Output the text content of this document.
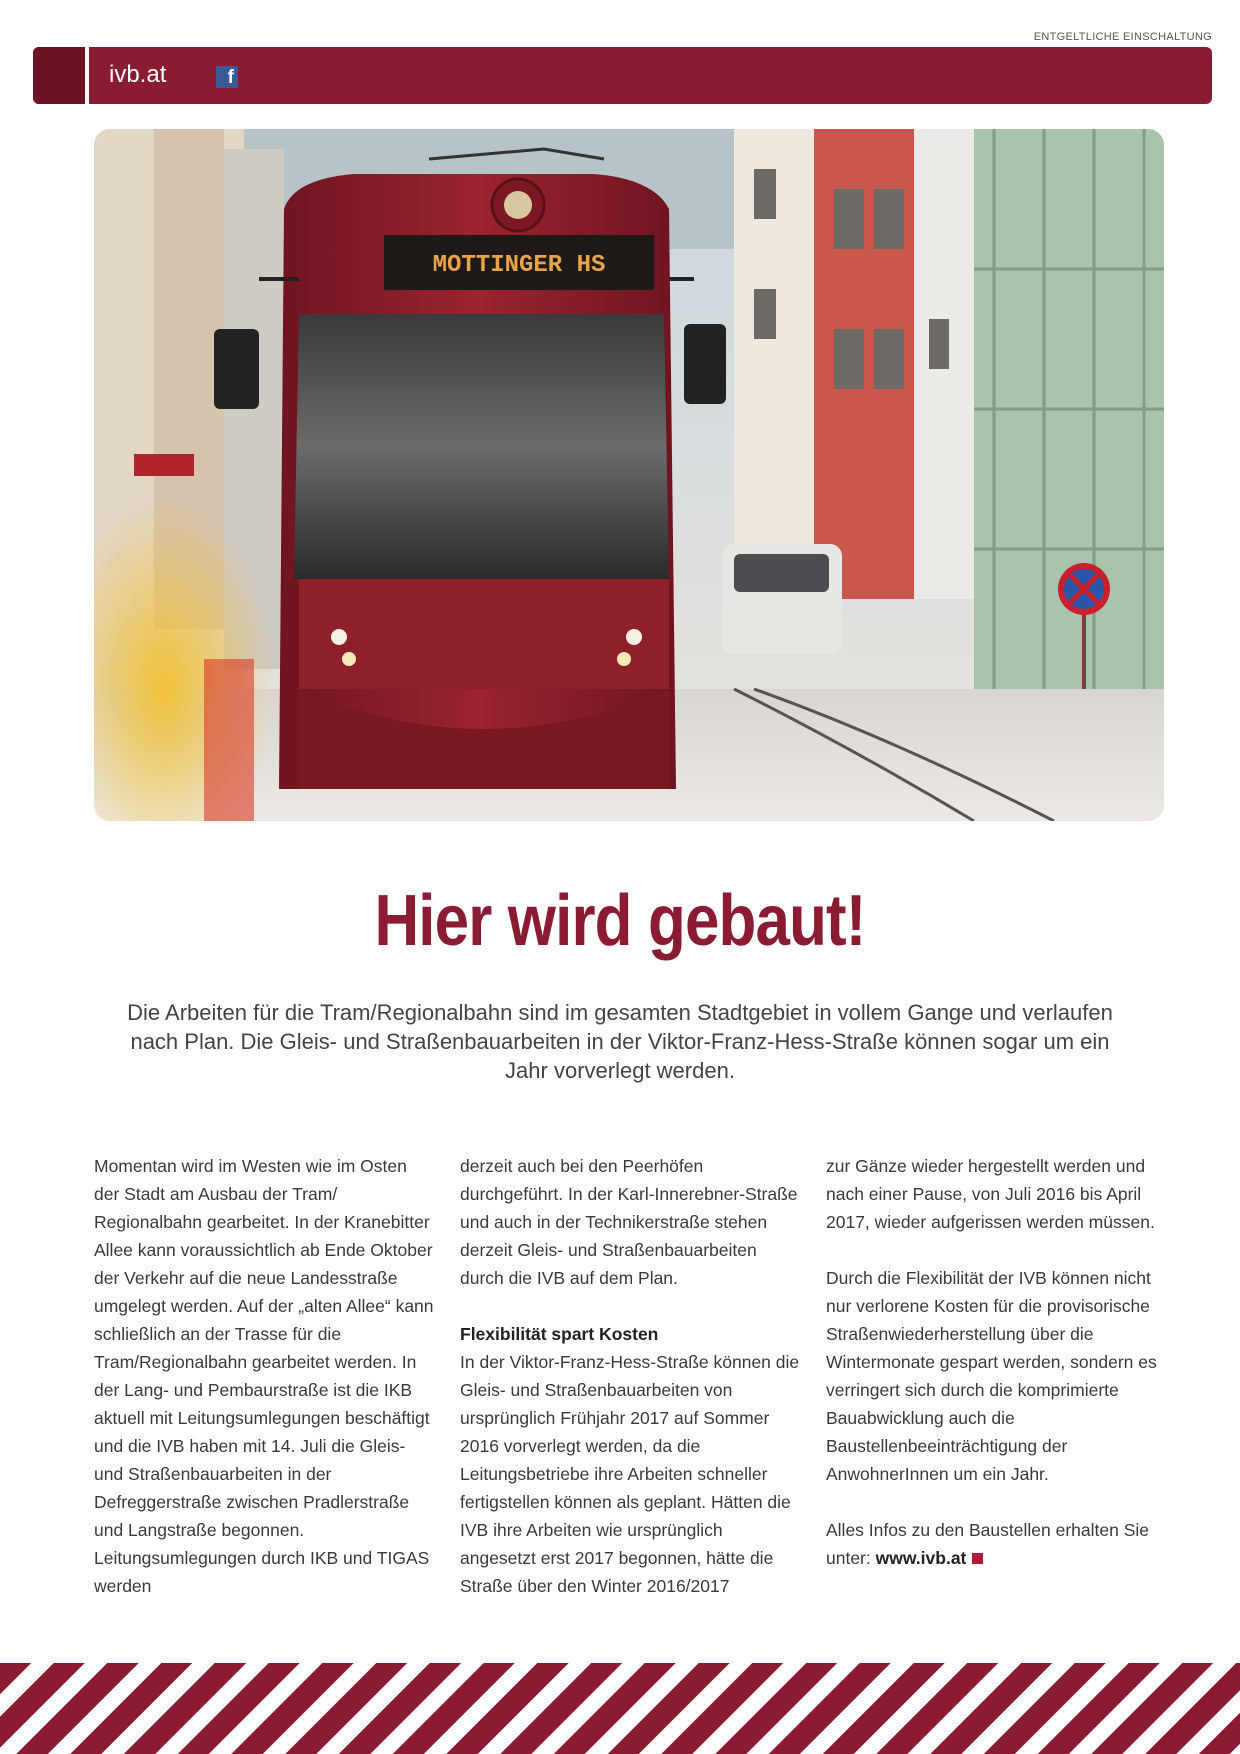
ENTGELTLICHE EINSCHALTUNG
ivb.at	f
MOTTINGER HS
Hier wird gebaut!

Die Arbeiten für die Tram/Regionalbahn sind im gesamten Stadtgebiet in vollem Gange und verlaufen nach Plan. Die Gleis- und Straßenbauarbeiten in der Viktor-Franz-Hess-Straße können sogar um ein Jahr vorverlegt werden.

Momentan wird im Westen wie im Osten der Stadt am Ausbau der Tram/ Regionalbahn gearbeitet. In der Kranebitter Allee kann voraussichtlich ab Ende Oktober der Verkehr auf die neue Landesstraße umgelegt werden. Auf der „alten Allee“ kann schließlich an der Trasse für die Tram/Regionalbahn gearbeitet werden. In der Lang- und Pembaurstraße ist die IKB aktuell mit Leitungsumlegungen beschäftigt und die IVB haben mit 14. Juli die Gleis- und Straßenbauarbeiten in der Defreggerstraße zwischen Pradlerstraße und Langstraße begonnen. Leitungsumlegungen durch IKB und TIGAS werden

derzeit auch bei den Peerhöfen durchgeführt. In der Karl-Innerebner-Straße und auch in der Technikerstraße stehen derzeit Gleis- und Straßenbauarbeiten durch die IVB auf dem Plan.

Flexibilität spart Kosten

In der Viktor-Franz-Hess-Straße können die Gleis- und Straßenbauarbeiten von ursprünglich Frühjahr 2017 auf Sommer 2016 vorverlegt werden, da die Leitungsbetriebe ihre Arbeiten schneller fertigstellen können als geplant. Hätten die IVB ihre Arbeiten wie ursprünglich angesetzt erst 2017 begonnen, hätte die Straße über den Winter 2016/2017

zur Gänze wieder hergestellt werden und nach einer Pause, von Juli 2016 bis April 2017, wieder aufgerissen werden müssen.

Durch die Flexibilität der IVB können nicht nur verlorene Kosten für die provisorische Straßenwiederherstellung über die Wintermonate gespart werden, sondern es verringert sich durch die komprimierte Bauabwicklung auch die Baustellenbeeinträchtigung der AnwohnerInnen um ein Jahr.

Alles Infos zu den Baustellen erhalten Sie unter: www.ivb.at
